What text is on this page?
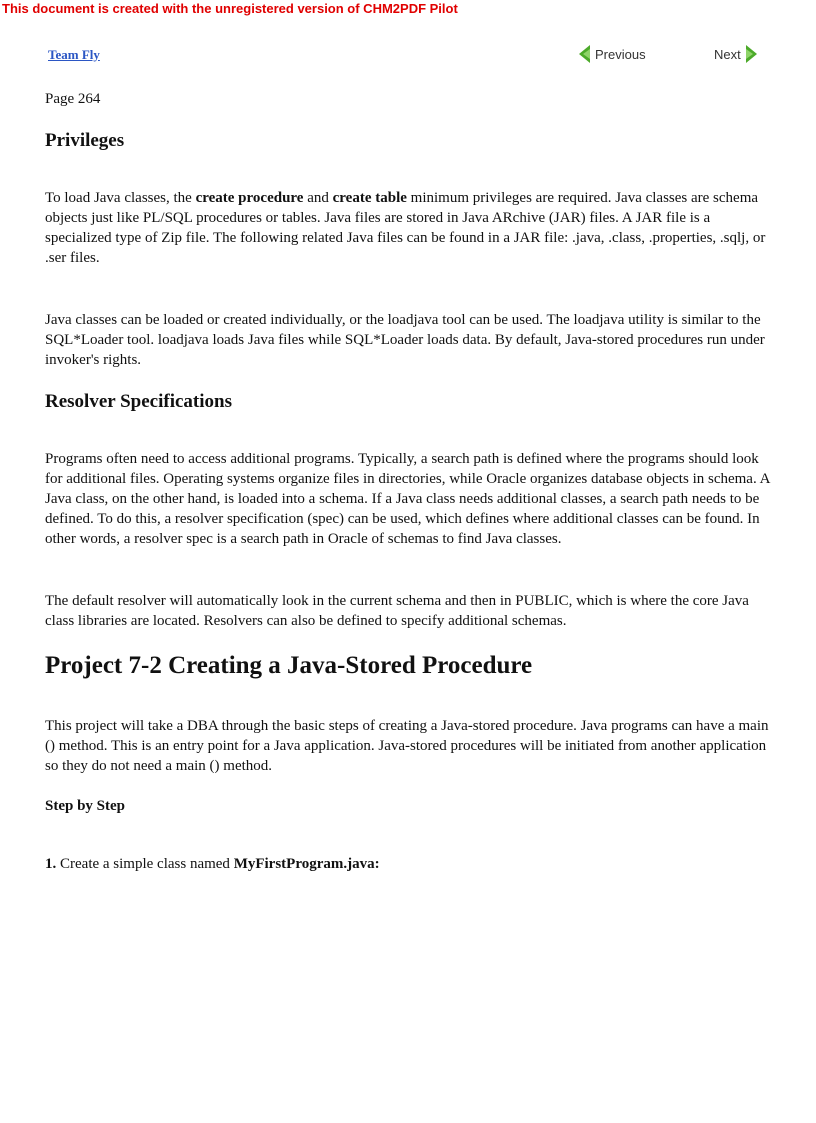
This document is created with the unregistered version of CHM2PDF Pilot
Team Fly	Previous	Next

Page 264

Privileges

To load Java classes, the create procedure and create table minimum privileges are required. Java classes are schema objects just like PL/SQL procedures or tables. Java files are stored in Java ARchive (JAR) files. A JAR file is a specialized type of Zip file. The following related Java files can be found in a JAR file: .java, .class, .properties, .sqlj, or .ser files.

Java classes can be loaded or created individually, or the loadjava tool can be used. The loadjava utility is similar to the SQL*Loader tool. loadjava loads Java files while SQL*Loader loads data. By default, Java-stored procedures run under invoker's rights.

Resolver Specifications

Programs often need to access additional programs. Typically, a search path is defined where the programs should look for additional files. Operating systems organize files in directories, while Oracle organizes database objects in schema. A Java class, on the other hand, is loaded into a schema. If a Java class needs additional classes, a search path needs to be defined. To do this, a resolver specification (spec) can be used, which defines where additional classes can be found. In other words, a resolver spec is a search path in Oracle of schemas to find Java classes.

The default resolver will automatically look in the current schema and then in PUBLIC, which is where the core Java class libraries are located. Resolvers can also be defined to specify additional schemas.

Project 7-2 Creating a Java-Stored Procedure

This project will take a DBA through the basic steps of creating a Java-stored procedure. Java programs can have a main () method. This is an entry point for a Java application. Java-stored procedures will be initiated from another application so they do not need a main () method.

Step by Step

1. Create a simple class named MyFirstProgram.java:
